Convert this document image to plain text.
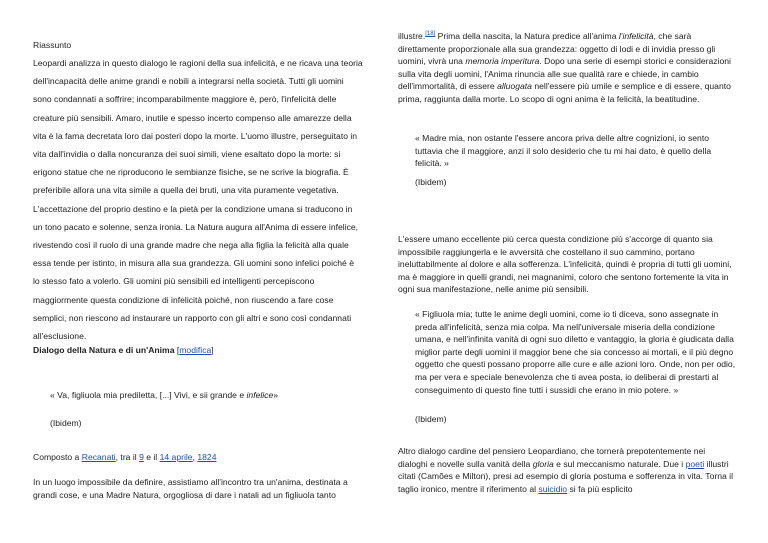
Riassunto

Leopardi analizza in questo dialogo le ragioni della sua infelicità, e ne ricava una teoria dell'incapacità delle anime grandi e nobili a integrarsi nella società. Tutti gli uomini sono condannati a soffrire; incomparabilmente maggiore è, però, l'infelicità delle creature più sensibili. Amaro, inutile e spesso incerto compenso alle amarezze della vita è la fama decretata loro dai posteri dopo la morte. L'uomo illustre, perseguitato in vita dall'invidia o dalla noncuranza dei suoi simili, viene esaltato dopo la morte: si erigono statue che ne riproducono le sembianze fisiche, se ne scrive la biografia. È preferibile allora una vita simile a quella dei bruti, una vita puramente vegetativa. L'accettazione del proprio destino e la pietà per la condizione umana si traducono in un tono pacato e solenne, senza ironia. La Natura augura all'Anima di essere infelice, rivestendo così il ruolo di una grande madre che nega alla figlia la felicità alla quale essa tende per istinto, in misura alla sua grandezza. Gli uomini sono infelici poiché è lo stesso fato a volerlo. Gli uomini più sensibili ed intelligenti percepiscono maggiormente questa condizione di infelicità poiché, non riuscendo a fare cose semplici, non riescono ad instaurare un rapporto con gli altri e sono così condannati all'esclusione.

Dialogo della Natura e di un'Anima [modifica]

« Va, figliuola mia prediletta, [...] Vivi, e sii grande e infelice»

(Ibidem)

Composto a Recanati, tra il 9 e il 14 aprile, 1824

In un luogo impossibile da definire, assistiamo all'incontro tra un'anima, destinata a grandi cose, e una Madre Natura, orgogliosa di dare i natali ad un figliuola tanto

illustre.[18] Prima della nascita, la Natura predice all'anima l'infelicità, che sarà direttamente proporzionale alla sua grandezza: oggetto di lodi e di invidia presso gli uomini, vivrà una memoria imperitura. Dopo una serie di esempi storici e considerazioni sulla vita degli uomini, l'Anima rinuncia alle sue qualità rare e chiede, in cambio dell'immortalità, di essere alluogata nell'essere più umile e semplice e di essere, quanto prima, raggiunta dalla morte. Lo scopo di ogni anima è la felicità, la beatitudine.

« Madre mia, non ostante l'essere ancora priva delle altre cognizioni, io sento tuttavia che il maggiore, anzi il solo desiderio che tu mi hai dato, è quello della felicità. »

(Ibidem)

L'essere umano eccellente più cerca questa condizione più s'accorge di quanto sia impossibile raggiungerla e le avversità che costellano il suo cammino, portano ineluttabilmente al dolore e alla sofferenza. L'infelicità, quindi è propria di tutti gli uomini, ma è maggiore in quelli grandi, nei magnanimi, coloro che sentono fortemente la vita in ogni sua manifestazione, nelle anime più sensibili.

« Figliuola mia; tutte le anime degli uomini, come io ti diceva, sono assegnate in preda all'infelicità, senza mia colpa. Ma nell'universale miseria della condizione umana, e nell'infinita vanità di ogni suo diletto e vantaggio, la gloria è giudicata dalla miglior parte degli uomini il maggior bene che sia concesso ai mortali, e il più degno oggetto che questi possano proporre alle cure e alle azioni loro. Onde, non per odio, ma per vera e speciale benevolenza che ti avea posta, io deliberai di prestarti al conseguimento di questo fine tutti i sussidi che erano in mio potere. »

(Ibidem)

Altro dialogo cardine del pensiero Leopardiano, che tornerà prepotentemente nei dialoghi e novelle sulla vanità della gloria e sul meccanismo naturale. Due i poeti illustri citati (Camões e Milton), presi ad esempio di gloria postuma e sofferenza in vita. Torna il taglio ironico, mentre il riferimento al suicidio si fa più esplicito
